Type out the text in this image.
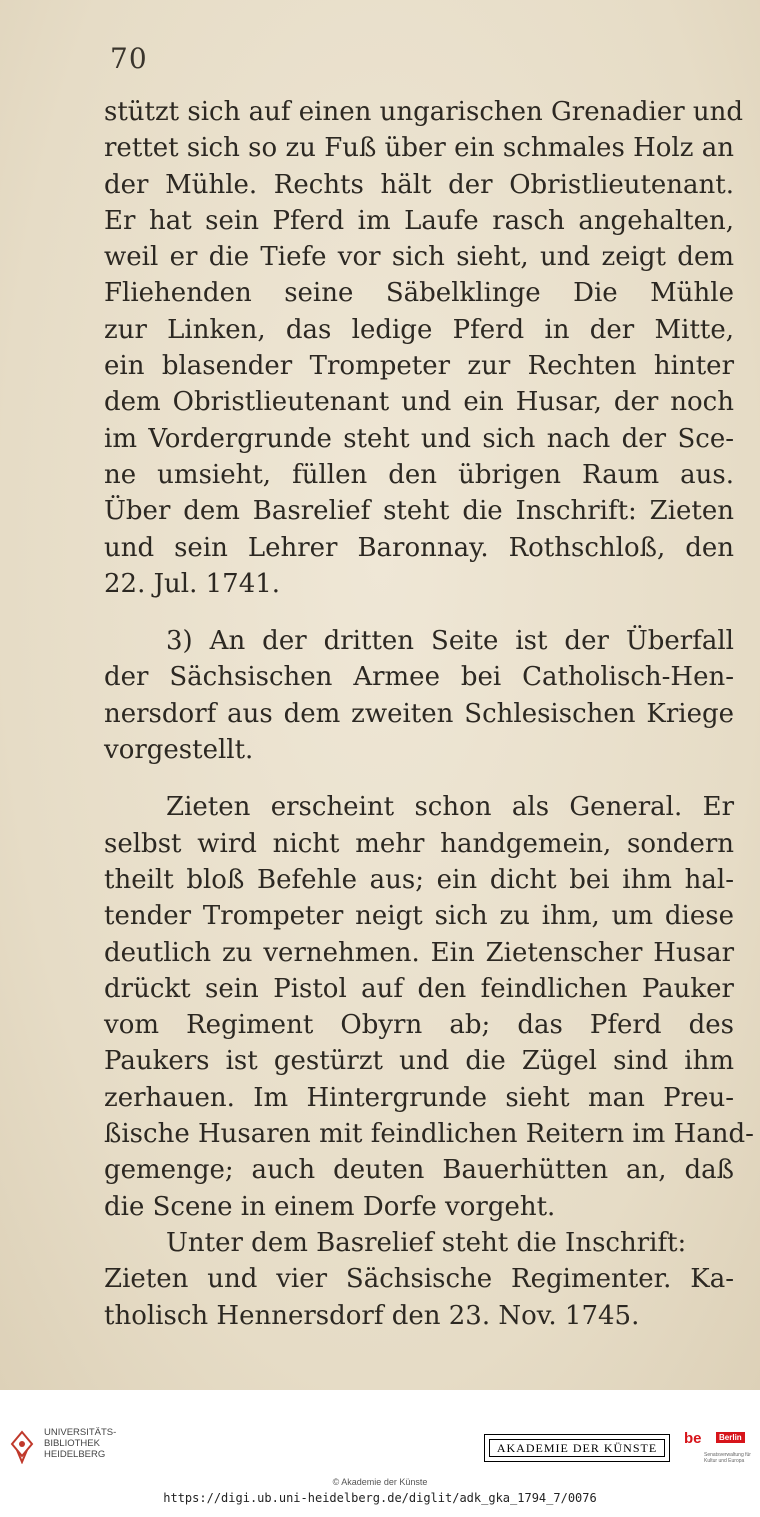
70
stützt sich auf einen ungarischen Grenadier und
rettet sich so zu Fuß über ein schmales Holz an
der Mühle. Rechts hält der Obristlieutenant.
Er hat sein Pferd im Laufe rasch angehalten,
weil er die Tiefe vor sich sieht, und zeigt dem
Fliehenden seine Säbelklinge Die Mühle
zur Linken, das ledige Pferd in der Mitte,
ein blasender Trompeter zur Rechten hinter
dem Obristlieutenant und ein Husar, der noch
im Vordergrunde steht und sich nach der Sce-
ne umsieht, füllen den übrigen Raum aus.
Über dem Basrelief steht die Inschrift: Zieten
und sein Lehrer Baronnay. Rothschloß, den
22. Jul. 1741.
3) An der dritten Seite ist der Überfall
der Sächsischen Armee bei Catholisch-Hen-
nersdorf aus dem zweiten Schlesischen Kriege
vorgestellt.
Zieten erscheint schon als General. Er
selbst wird nicht mehr handgemein, sondern
theilt bloß Befehle aus; ein dicht bei ihm hal-
tender Trompeter neigt sich zu ihm, um diese
deutlich zu vernehmen. Ein Zietenscher Husar
drückt sein Pistol auf den feindlichen Pauker
vom Regiment Obyrn ab; das Pferd des
Paukers ist gestürzt und die Zügel sind ihm
zerhauen. Im Hintergrunde sieht man Preu-
ßische Husaren mit feindlichen Reitern im Hand-
gemenge; auch deuten Bauerhütten an, daß
die Scene in einem Dorfe vorgeht.
Unter dem Basrelief steht die Inschrift:
Zieten und vier Sächsische Regimenter. Ka-
tholisch Hennersdorf den 23. Nov. 1745.
UNIVERSITÄTS-
BIBLIOTHEK
HEIDELBERG	AKADEMIE DER KÜNSTE
be	Berlin
Senatsverwaltung für Kultur und Europa
© Akademie der Künste
https://digi.ub.uni-heidelberg.de/diglit/adk_gka_1794_7/0076
